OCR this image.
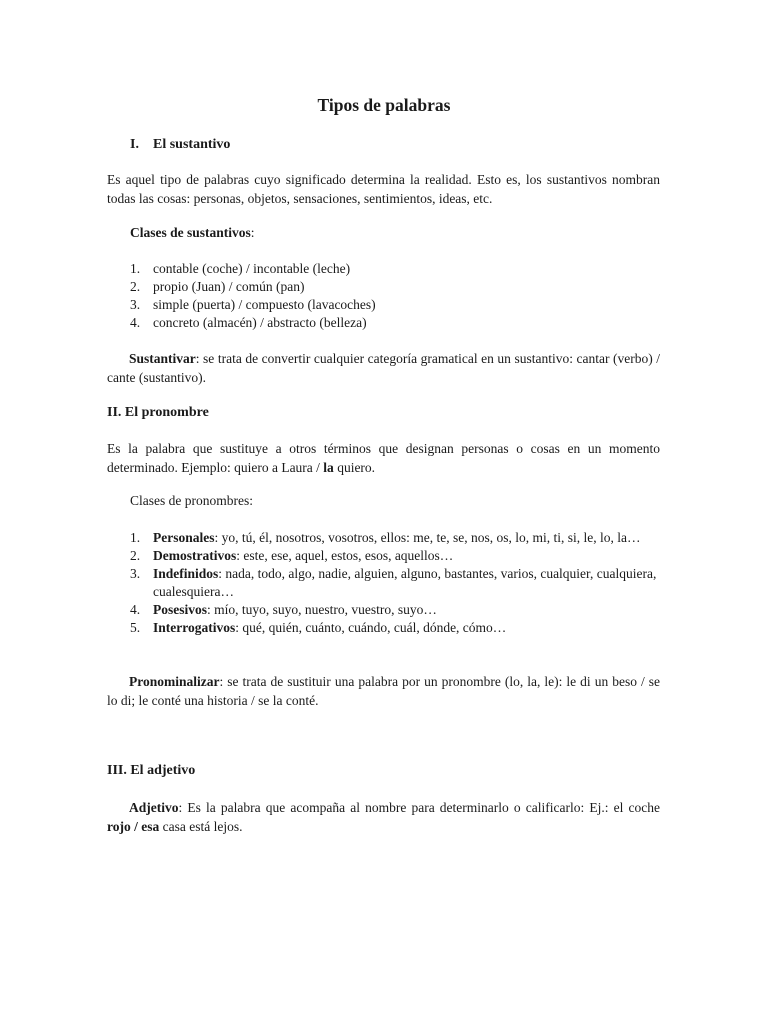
Tipos de palabras
I. El sustantivo
Es aquel tipo de palabras cuyo significado determina la realidad. Esto es, los sustantivos nombran todas las cosas: personas, objetos, sensaciones, sentimientos, ideas, etc.
Clases de sustantivos:
1. contable (coche) / incontable (leche)
2. propio (Juan) / común (pan)
3. simple (puerta) / compuesto (lavacoches)
4. concreto (almacén) / abstracto (belleza)
Sustantivar: se trata de convertir cualquier categoría gramatical en un sustantivo: cantar (verbo) / cante (sustantivo).
II. El pronombre
Es la palabra que sustituye a otros términos que designan personas o cosas en un momento determinado. Ejemplo: quiero a Laura / la quiero.
Clases de pronombres:
1. Personales: yo, tú, él, nosotros, vosotros, ellos: me, te, se, nos, os, lo, mi, ti, si, le, lo, la…
2. Demostrativos: este, ese, aquel, estos, esos, aquellos…
3. Indefinidos: nada, todo, algo, nadie, alguien, alguno, bastantes, varios, cualquier, cualquiera, cualesquiera…
4. Posesivos: mío, tuyo, suyo, nuestro, vuestro, suyo…
5. Interrogativos: qué, quién, cuánto, cuándo, cuál, dónde, cómo…
Pronominalizar: se trata de sustituir una palabra por un pronombre (lo, la, le): le di un beso / se lo di; le conté una historia / se la conté.
III. El adjetivo
Adjetivo: Es la palabra que acompaña al nombre para determinarlo o calificarlo: Ej.: el coche rojo / esa casa está lejos.
